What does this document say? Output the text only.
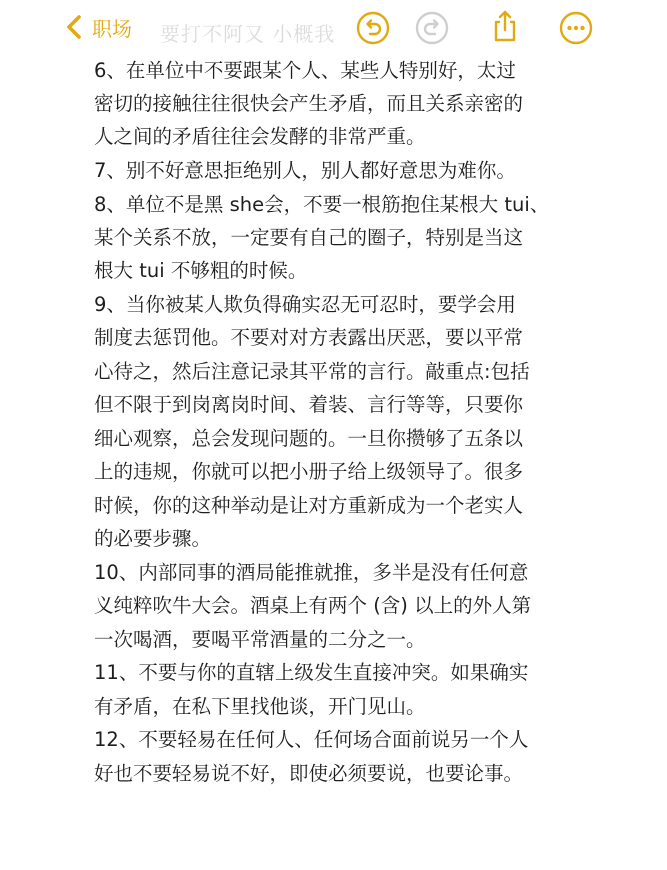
要打不阿又 小概我
职场
6、在单位中不要跟某个人、某些人特别好，太过
密切的接触往往很快会产生矛盾，而且关系亲密的
人之间的矛盾往往会发酵的非常严重。
7、别不好意思拒绝别人，别人都好意思为难你。
8、单位不是黑 she会，不要一根筋抱住某根大 tui、
某个关系不放，一定要有自己的圈子，特别是当这
根大 tui 不够粗的时候。
9、当你被某人欺负得确实忍无可忍时，要学会用
制度去惩罚他。不要对对方表露出厌恶，要以平常
心待之，然后注意记录其平常的言行。敲重点:包括
但不限于到岗离岗时间、着装、言行等等，只要你
细心观察，总会发现问题的。一旦你攒够了五条以
上的违规，你就可以把小册子给上级领导了。很多
时候，你的这种举动是让对方重新成为一个老实人
的必要步骤。
10、内部同事的酒局能推就推，多半是没有任何意
义纯粹吹牛大会。酒桌上有两个 (含) 以上的外人第
一次喝酒，要喝平常酒量的二分之一。
11、不要与你的直辖上级发生直接冲突。如果确实
有矛盾，在私下里找他谈，开门见山。
12、不要轻易在任何人、任何场合面前说另一个人
好也不要轻易说不好，即使必须要说，也要论事。
